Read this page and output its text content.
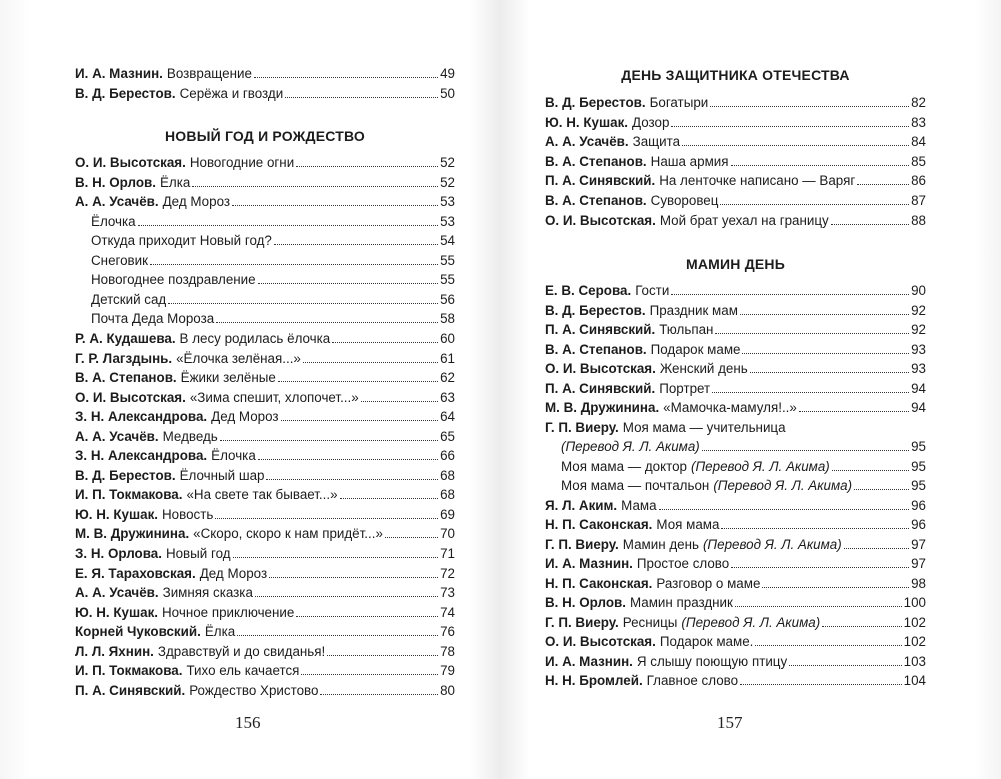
И. А. Мазнин. Возвращение	49
В. Д. Берестов. Серёжа и гвозди	50
НОВЫЙ ГОД И РОЖДЕСТВО
О. И. Высотская. Новогодние огни	52
В. Н. Орлов. Ёлка	52
А. А. Усачёв. Дед Мороз	53
Ёлочка	53
Откуда приходит Новый год?	54
Снеговик	55
Новогоднее поздравление	55
Детский сад	56
Почта Деда Мороза	58
Р. А. Кудашева. В лесу родилась ёлочка	60
Г. Р. Лагздынь. «Ёлочка зелёная...»	61
В. А. Степанов. Ёжики зелёные	62
О. И. Высотская. «Зима спешит, хлопочет...»	63
З. Н. Александрова. Дед Мороз	64
А. А. Усачёв. Медведь	65
З. Н. Александрова. Ёлочка	66
В. Д. Берестов. Ёлочный шар	68
И. П. Токмакова. «На свете так бывает...»	68
Ю. Н. Кушак. Новость	69
М. В. Дружинина. «Скоро, скоро к нам придёт...»	70
З. Н. Орлова. Новый год	71
Е. Я. Тараховская. Дед Мороз	72
А. А. Усачёв. Зимняя сказка	73
Ю. Н. Кушак. Ночное приключение	74
Корней Чуковский. Ёлка	76
Л. Л. Яхнин. Здравствуй и до свиданья!	78
И. П. Токмакова. Тихо ель качается	79
П. А. Синявский. Рождество Христово	80
156
ДЕНЬ ЗАЩИТНИКА ОТЕЧЕСТВА
В. Д. Берестов. Богатыри	82
Ю. Н. Кушак. Дозор	83
А. А. Усачёв. Защита	84
В. А. Степанов. Наша армия	85
П. А. Синявский. На ленточке написано — Варяг	86
В. А. Степанов. Суворовец	87
О. И. Высотская. Мой брат уехал на границу	88
МАМИН ДЕНЬ
Е. В. Серова. Гости	90
В. Д. Берестов. Праздник мам	92
П. А. Синявский. Тюльпан	92
В. А. Степанов. Подарок маме	93
О. И. Высотская. Женский день	93
П. А. Синявский. Портрет	94
М. В. Дружинина. «Мамочка-мамуля!..»	94
Г. П. Виеру. Моя мама — учительница
(Перевод Я. Л. Акима)	95
Моя мама — доктор (Перевод Я. Л. Акима)	95
Моя мама — почтальон (Перевод Я. Л. Акима)	95
Я. Л. Аким. Мама	96
Н. П. Саконская. Моя мама	96
Г. П. Виеру. Мамин день (Перевод Я. Л. Акима)	97
И. А. Мазнин. Простое слово	97
Н. П. Саконская. Разговор о маме	98
В. Н. Орлов. Мамин праздник	100
Г. П. Виеру. Ресницы (Перевод Я. Л. Акима)	102
О. И. Высотская. Подарок маме.	102
И. А. Мазнин. Я слышу поющую птицу	103
Н. Н. Бромлей. Главное слово	104
157
